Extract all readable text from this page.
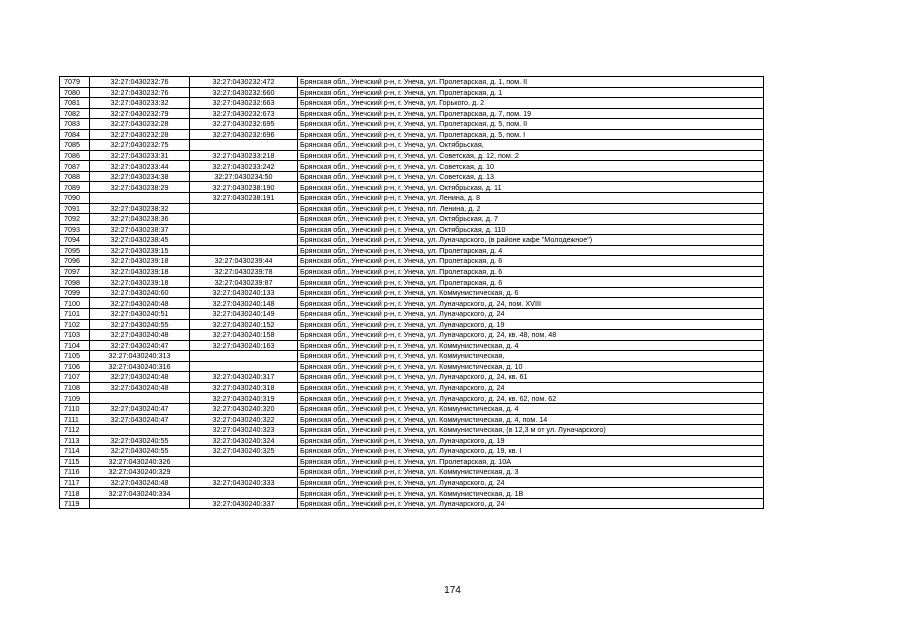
7079	32:27:0430232:76	32:27:0430232:472	Брянская обл., Унечский р-н, г. Унеча, ул. Пролетарская, д. 1, пом. II
7080	32:27:0430232:76	32:27:0430232:660	Брянская обл., Унечский р-н, г. Унеча, ул. Пролетарская, д. 1
7081	32:27:0430233:32	32:27:0430232:663	Брянская обл., Унечский р-н, г. Унеча, ул. Горького, д. 2
7082	32:27:0430232:79	32:27:0430232:673	Брянская обл., Унечский р-н, г. Унеча, ул. Пролетарская, д. 7, пом. 19
7083	32:27:0430232:28	32:27:0430232:695	Брянская обл., Унечский р-н, г. Унеча, ул. Пролетарская, д. 5, пом. II
7084	32:27:0430232:28	32:27:0430232:696	Брянская обл., Унечский р-н, г. Унеча, ул. Пролетарская, д. 5, пом. I
7085	32:27:0430232:75		Брянская обл., Унечский р-н, г. Унеча, ул. Октябрьская,
7086	32:27:0430233:31	32:27:0430233:218	Брянская обл., Унечский р-н, г. Унеча, ул. Советская, д. 12, пом. 2
7087	32:27:0430233:44	32:27:0430233:242	Брянская обл., Унечский р-н, г. Унеча, ул. Советская, д. 10
7088	32:27:0430234:38	32:27:0430234:50	Брянская обл., Унечский р-н, г. Унеча, ул. Советская, д. 13
7089	32:27:0430238:29	32:27:0430238:190	Брянская обл., Унечский р-н, г. Унеча, ул. Октябрьская, д. 11
7090		32:27:0430238:191	Брянская обл., Унечский р-н, г. Унеча, ул. Ленина, д. 8
7091	32:27:0430238:32		Брянская обл., Унечский р-н, г. Унеча, пл. Ленина, д. 2
7092	32:27:0430238:36		Брянская обл., Унечский р-н, г. Унеча, ул. Октябрьская, д. 7
7093	32:27:0430238:37		Брянская обл., Унечский р-н, г. Унеча, ул. Октябрьская, д. 110
7094	32:27:0430238:45		Брянская обл., Унечский р-н, г. Унеча, ул. Луначарского, (в районе кафе "Молодежное")
7095	32:27:0430239:15		Брянская обл., Унечский р-н, г. Унеча, ул. Пролетарская, д. 4
7096	32:27:0430239:18	32:27:0430239:44	Брянская обл., Унечский р-н, г. Унеча, ул. Пролетарская, д. 6
7097	32:27:0430239:18	32:27:0430239:78	Брянская обл., Унечский р-н, г. Унеча, ул. Пролетарская, д. 6
7098	32:27:0430239:18	32:27:0430239:87	Брянская обл., Унечский р-н, г. Унеча, ул. Пролетарская, д. 6
7099	32:27:0430240:60	32:27:0430240:133	Брянская обл., Унечский р-н, г. Унеча, ул. Коммунистическая, д. 6
7100	32:27:0430240:48	32:27:0430240:148	Брянская обл., Унечский р-н, г. Унеча, ул. Луначарского, д. 24, пом. XVIII
7101	32:27:0430240:51	32:27:0430240:149	Брянская обл., Унечский р-н, г. Унеча, ул. Луначарского, д. 24
7102	32:27:0430240:55	32:27:0430240:152	Брянская обл., Унечский р-н, г. Унеча, ул. Луначарского, д. 19
7103	32:27:0430240:48	32:27:0430240:158	Брянская обл., Унечский р-н, г. Унеча, ул. Луначарского, д. 24, кв. 48, пом. 48
7104	32:27:0430240:47	32:27:0430240:163	Брянская обл., Унечский р-н, г. Унеча, ул. Коммунистическая, д. 4
7105	32:27:0430240:313		Брянская обл., Унечский р-н, г. Унеча, ул. Коммунистическая,
7106	32:27:0430240:316		Брянская обл., Унечский р-н, г. Унеча, ул. Коммунистическая, д. 10
7107	32:27:0430240:48	32:27:0430240:317	Брянская обл., Унечский р-н, г. Унеча, ул. Луначарского, д. 24, кв. 61
7108	32:27:0430240:48	32:27:0430240:318	Брянская обл., Унечский р-н, г. Унеча, ул. Луначарского, д. 24
7109		32:27:0430240:319	Брянская обл., Унечский р-н, г. Унеча, ул. Луначарского, д. 24, кв. 62, пом. 62
7110	32:27:0430240:47	32:27:0430240:320	Брянская обл., Унечский р-н, г. Унеча, ул. Коммунистическая, д. 4
7111	32:27:0430240:47	32:27:0430240:322	Брянская обл., Унечский р-н, г. Унеча, ул. Коммунистическая, д. 4, пом. 14
7112		32:27:0430240:323	Брянская обл., Унечский р-н, г. Унеча, ул. Коммунистическая, (в 12,3 м от ул. Луначарского)
7113	32:27:0430240:55	32:27:0430240:324	Брянская обл., Унечский р-н, г. Унеча, ул. Луначарского, д. 19
7114	32:27:0430240:55	32:27:0430240:325	Брянская обл., Унечский р-н, г. Унеча, ул. Луначарского, д. 19, кв. I
7115	32:27:0430240:326		Брянская обл., Унечский р-н, г. Унеча, ул. Пролетарская, д. 10А
7116	32:27:0430240:329		Брянская обл., Унечский р-н, г. Унеча, ул. Коммунистическая, д. 3
7117	32:27:0430240:48	32:27:0430240:333	Брянская обл., Унечский р-н, г. Унеча, ул. Луначарского, д. 24
7118	32:27:0430240:334		Брянская обл., Унечский р-н, г. Унеча, ул. Коммунистическая, д. 1В
7119		32:27:0430240:337	Брянская обл., Унечский р-н, г. Унеча, ул. Луначарского, д. 24
174
